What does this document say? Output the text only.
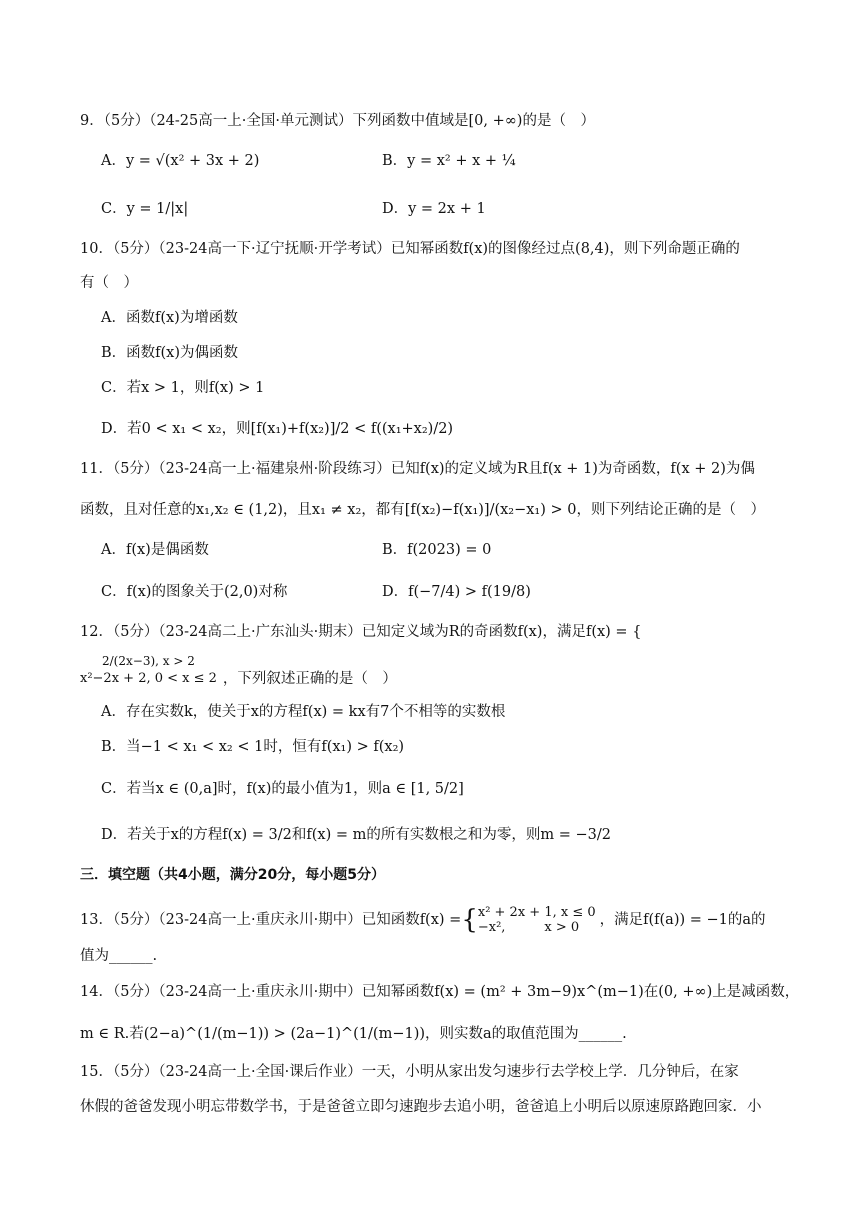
9．（5分）（24-25高一上·全国·单元测试）下列函数中值域是[0, +∞)的是（　）
A．y = √(x² + 3x + 2)	B．y = x² + x + ¼
C．y = 1/|x|	D．y = 2x + 1
10．（5分）（23-24高一下·辽宁抚顺·开学考试）已知幂函数f(x)的图像经过点(8,4)，则下列命题正确的
有（　）
A．函数f(x)为增函数
B．函数f(x)为偶函数
C．若x > 1，则f(x) > 1
D．若0 < x₁ < x₂，则[f(x₁)+f(x₂)]/2 < f((x₁+x₂)/2)
11．（5分）（23-24高一上·福建泉州·阶段练习）已知f(x)的定义域为R且f(x + 1)为奇函数，f(x + 2)为偶
函数，且对任意的x₁,x₂ ∈ (1,2)，且x₁ ≠ x₂，都有[f(x₂)−f(x₁)]/(x₂−x₁) > 0，则下列结论正确的是（　）
A．f(x)是偶函数	B．f(2023) = 0
C．f(x)的图象关于(2,0)对称	D．f(−7/4) > f(19/8)
12．（5分）（23-24高二上·广东汕头·期末）已知定义域为R的奇函数f(x)，满足f(x) = {
2/(2x−3), x > 2
x²−2x + 2, 0 < x ≤ 2 ，下列叙述正确的是（　）
A．存在实数k，使关于x的方程f(x) = kx有7个不相等的实数根
B．当−1 < x₁ < x₂ < 1时，恒有f(x₁) > f(x₂)
C．若当x ∈ (0,a]时，f(x)的最小值为1，则a ∈ [1, 5/2]
D．若关于x的方程f(x) = 3/2和f(x) = m的所有实数根之和为零，则m = −3/2
三．填空题（共4小题，满分20分，每小题5分）
13．（5分）（23-24高一上·重庆永川·期中）已知函数f(x) = { x² + 2x + 1, x ≤ 0
−x²,　　　x > 0	，满足f(f(a)) = −1的a的
值为______.
14．（5分）（23-24高一上·重庆永川·期中）已知幂函数f(x) = (m² + 3m−9)x^(m−1)在(0, +∞)上是减函数，
m ∈ R.若(2−a)^(1/(m−1)) > (2a−1)^(1/(m−1))，则实数a的取值范围为______.
15．（5分）（23-24高一上·全国·课后作业）一天，小明从家出发匀速步行去学校上学．几分钟后，在家
休假的爸爸发现小明忘带数学书，于是爸爸立即匀速跑步去追小明，爸爸追上小明后以原速原路跑回家．小
